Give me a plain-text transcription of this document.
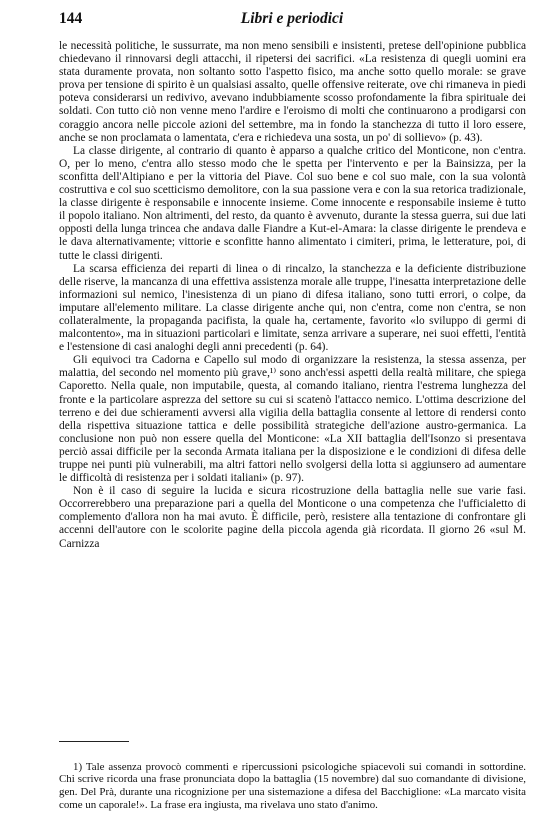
144	Libri e periodici

le necessità politiche, le sussurrate, ma non meno sensibili e insistenti, pretese dell'opinione pubblica chiedevano il rinnovarsi degli attacchi, il ripetersi dei sacrifici. «La resistenza di quegli uomini era stata duramente provata, non soltanto sotto l'aspetto fisico, ma anche sotto quello morale: se grave prova per tensione di spirito è un qualsiasi assalto, quelle offensive reiterate, ove chi rimaneva in piedi poteva considerarsi un redivivo, avevano indubbiamente scosso profondamente la fibra spirituale dei soldati. Con tutto ciò non venne meno l'ardire e l'eroismo di molti che continuarono a prodigarsi con coraggio ancora nelle piccole azioni del settembre, ma in fondo la stanchezza di tutto il loro essere, anche se non proclamata o lamentata, c'era e richiedeva una sosta, un po' di sollievo» (p. 43).

La classe dirigente, al contrario di quanto è apparso a qualche critico del Monticone, non c'entra. O, per lo meno, c'entra allo stesso modo che le spetta per l'intervento e per la Bainsizza, per la sconfitta dell'Altipiano e per la vittoria del Piave. Col suo bene e col suo male, con la sua volontà costruttiva e col suo scetticismo demolitore, con la sua passione vera e con la sua retorica tradizionale, la classe dirigente è responsabile e innocente insieme. Come innocente e responsabile insieme è tutto il popolo italiano. Non altrimenti, del resto, da quanto è avvenuto, durante la stessa guerra, sui due lati opposti della lunga trincea che andava dalle Fiandre a Kut-el-Amara: la classe dirigente le prendeva e le dava alternativamente; vittorie e sconfitte hanno alimentato i cimiteri, prima, le letterature, poi, di tutte le classi dirigenti.

La scarsa efficienza dei reparti di linea o di rincalzo, la stanchezza e la deficiente distribuzione delle riserve, la mancanza di una effettiva assistenza morale alle truppe, l'inesatta interpretazione delle informazioni sul nemico, l'inesistenza di un piano di difesa italiano, sono tutti errori, o colpe, da imputare all'elemento militare. La classe dirigente anche qui, non c'entra, come non c'entra, se non collateralmente, la propaganda pacifista, la quale ha, certamente, favorito «lo sviluppo di germi di malcontento», ma in situazioni particolari e limitate, senza arrivare a superare, nei suoi effetti, l'entità e l'estensione di casi analoghi degli anni precedenti (p. 64).

Gli equivoci tra Cadorna e Capello sul modo di organizzare la resistenza, la stessa assenza, per malattia, del secondo nel momento più grave,¹⁾ sono anch'essi aspetti della realtà militare, che spiega Caporetto. Nella quale, non imputabile, questa, al comando italiano, rientra l'estrema lunghezza del fronte e la particolare asprezza del settore su cui si scatenò l'attacco nemico. L'ottima descrizione del terreno e dei due schieramenti avversi alla vigilia della battaglia consente al lettore di rendersi conto della rispettiva situazione tattica e delle possibilità strategiche dell'azione austro-germanica. La conclusione non può non essere quella del Monticone: «La XII battaglia dell'Isonzo si presentava perciò assai difficile per la seconda Armata italiana per la disposizione e le condizioni di difesa delle truppe nei punti più vulnerabili, ma altri fattori nello svolgersi della lotta si aggiunsero ad aumentare le difficoltà di resistenza per i soldati italiani» (p. 97).

Non è il caso di seguire la lucida e sicura ricostruzione della battaglia nelle sue varie fasi. Occorrerebbero una preparazione pari a quella del Monticone o una competenza che l'ufficialetto di complemento d'allora non ha mai avuto. È difficile, però, resistere alla tentazione di confrontare gli accenni dell'autore con le scolorite pagine della piccola agenda già ricordata. Il giorno 26 «sul M. Carnizza

1) Tale assenza provocò commenti e ripercussioni psicologiche spiacevoli sui comandi in sottordine. Chi scrive ricorda una frase pronunciata dopo la battaglia (15 novembre) dal suo comandante di divisione, gen. Del Prà, durante una ricognizione per una sistemazione a difesa del Bacchiglione: «La marcato visita come un caporale!». La frase era ingiusta, ma rivelava uno stato d'animo.
